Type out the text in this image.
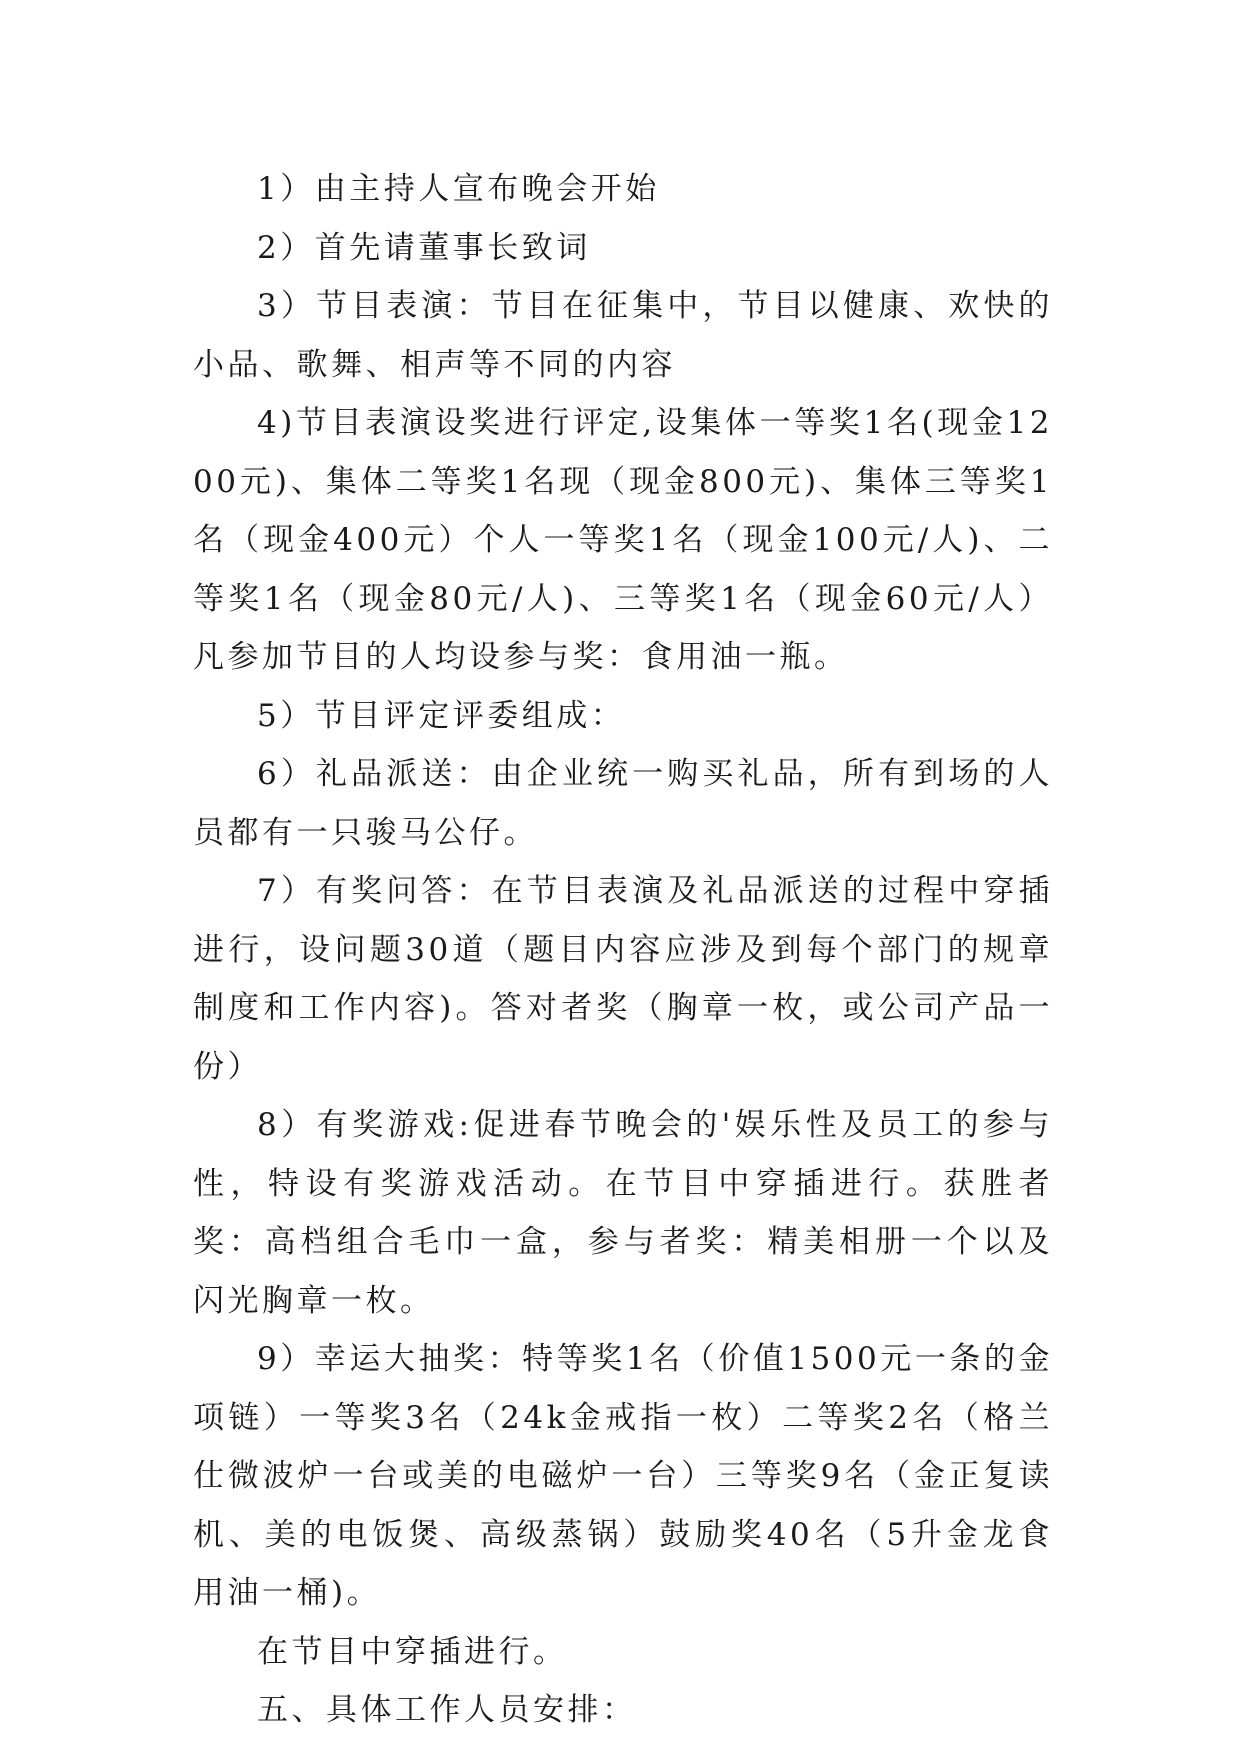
1）由主持人宣布晚会开始

2）首先请董事长致词

3）节目表演：节目在征集中，节目以健康、欢快的小品、歌舞、相声等不同的内容

4)节目表演设奖进行评定,设集体一等奖1名(现金1200元)、集体二等奖1名现（现金800元)、集体三等奖1名（现金400元）个人一等奖1名（现金100元/人)、二等奖1名（现金80元/人)、三等奖1名（现金60元/人）凡参加节目的人均设参与奖：食用油一瓶。

5）节目评定评委组成：

6）礼品派送：由企业统一购买礼品，所有到场的人员都有一只骏马公仔。

7）有奖问答：在节目表演及礼品派送的过程中穿插进行，设问题30道（题目内容应涉及到每个部门的规章制度和工作内容)。答对者奖（胸章一枚，或公司产品一份）

8）有奖游戏:促进春节晚会的'娱乐性及员工的参与性，特设有奖游戏活动。在节目中穿插进行。获胜者奖：高档组合毛巾一盒，参与者奖：精美相册一个以及闪光胸章一枚。

9）幸运大抽奖：特等奖1名（价值1500元一条的金项链）一等奖3名（24k金戒指一枚）二等奖2名（格兰仕微波炉一台或美的电磁炉一台）三等奖9名（金正复读机、美的电饭煲、高级蒸锅）鼓励奖40名（5升金龙食用油一桶)。

在节目中穿插进行。

五、具体工作人员安排：
